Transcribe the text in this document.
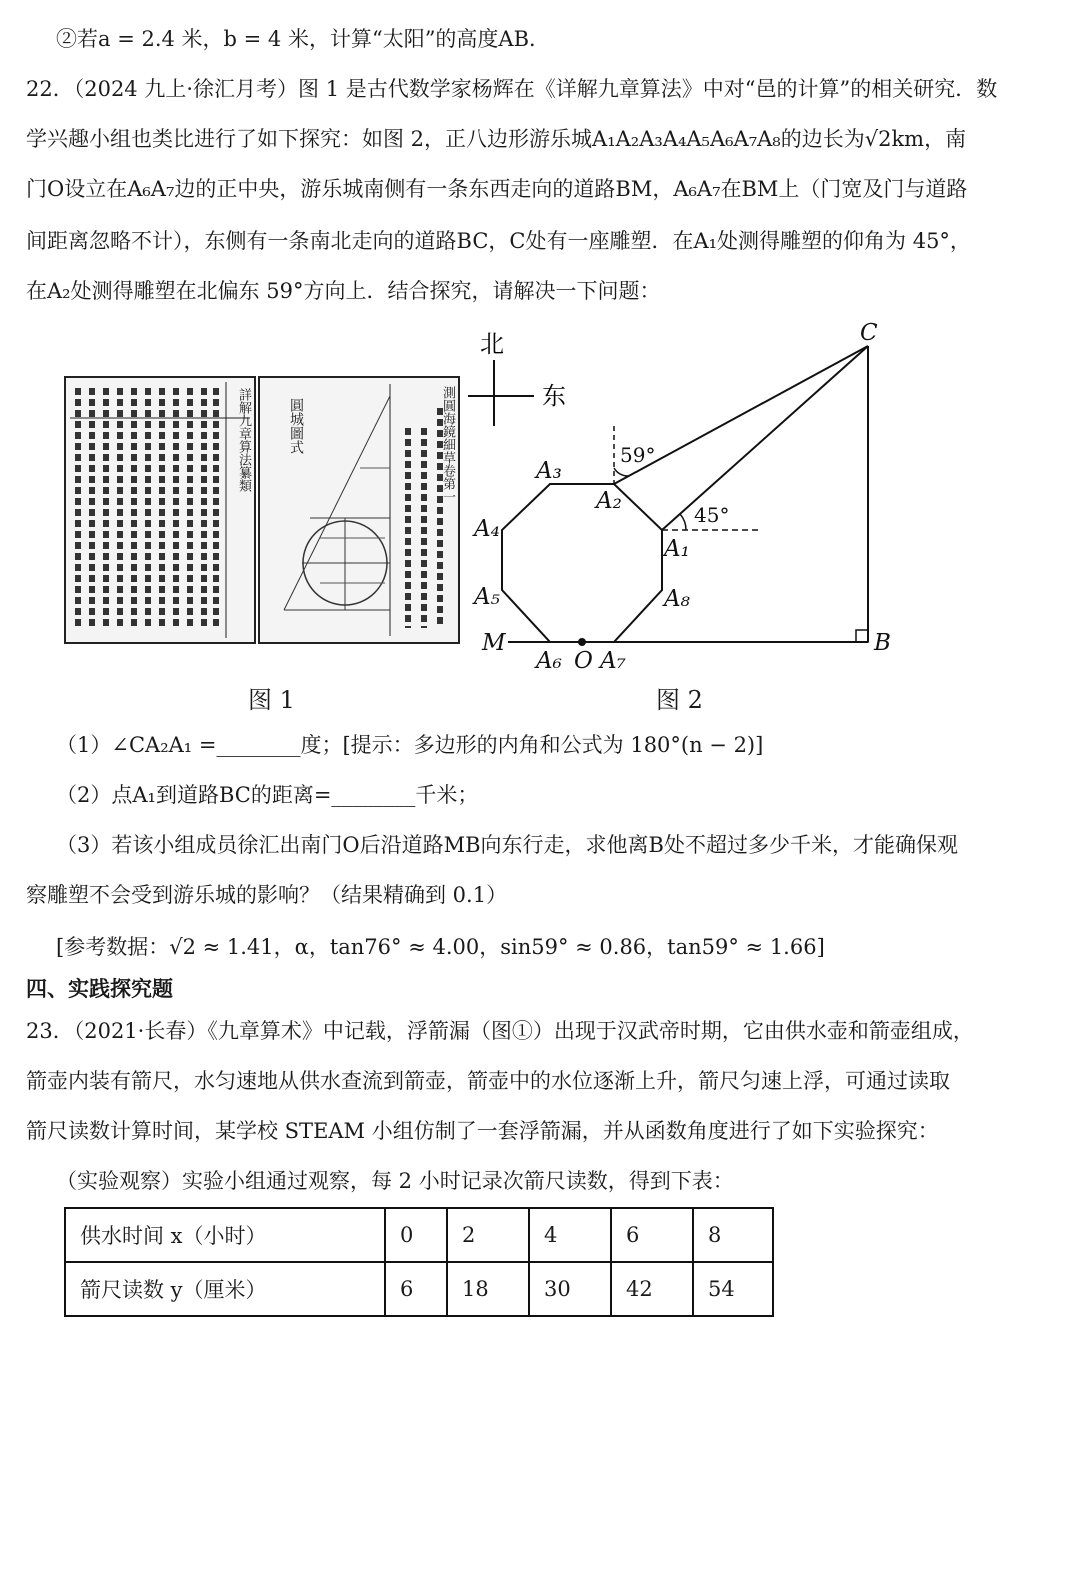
②若a = 2.4 米，b = 4 米，计算“太阳”的高度AB．
22．（2024 九上·徐汇月考）图 1 是古代数学家杨辉在《详解九章算法》中对“邑的计算”的相关研究．数
学兴趣小组也类比进行了如下探究：如图 2，正八边形游乐城A₁A₂A₃A₄A₅A₆A₇A₈的边长为√2km，南
门O设立在A₆A₇边的正中央，游乐城南侧有一条东西走向的道路BM，A₆A₇在BM上（门宽及门与道路
间距离忽略不计），东侧有一条南北走向的道路BC，C处有一座雕塑．在A₁处测得雕塑的仰角为 45°，
在A₂处测得雕塑在北偏东 59°方向上．结合探究，请解决一下问题：
詳解九章算法纂類	圓城圖式	測圓海鏡細草卷第一
图 1	图 2
北
东
C
B
M
O
A₁
A₂
A₃
A₄
A₅
A₆ A₇
A₈
59°
45°
（1）∠CA₂A₁ =________度；[提示：多边形的内角和公式为 180°(n − 2)]
（2）点A₁到道路BC的距离=________千米；
（3）若该小组成员徐汇出南门O后沿道路MB向东行走，求他离B处不超过多少千米，才能确保观
察雕塑不会受到游乐城的影响？（结果精确到 0.1）
[参考数据：√2 ≈ 1.41，α，tan76° ≈ 4.00，sin59° ≈ 0.86，tan59° ≈ 1.66]
四、实践探究题
23．（2021·长春）《九章算术》中记载，浮箭漏（图①）出现于汉武帝时期，它由供水壶和箭壶组成，
箭壶内装有箭尺，水匀速地从供水查流到箭壶，箭壶中的水位逐渐上升，箭尺匀速上浮，可通过读取
箭尺读数计算时间，某学校 STEAM 小组仿制了一套浮箭漏，并从函数角度进行了如下实验探究：
（实验观察）实验小组通过观察，每 2 小时记录次箭尺读数，得到下表：
供水时间 x（小时）	0	2	4	6	8
箭尺读数 y（厘米）	6	18	30	42	54
